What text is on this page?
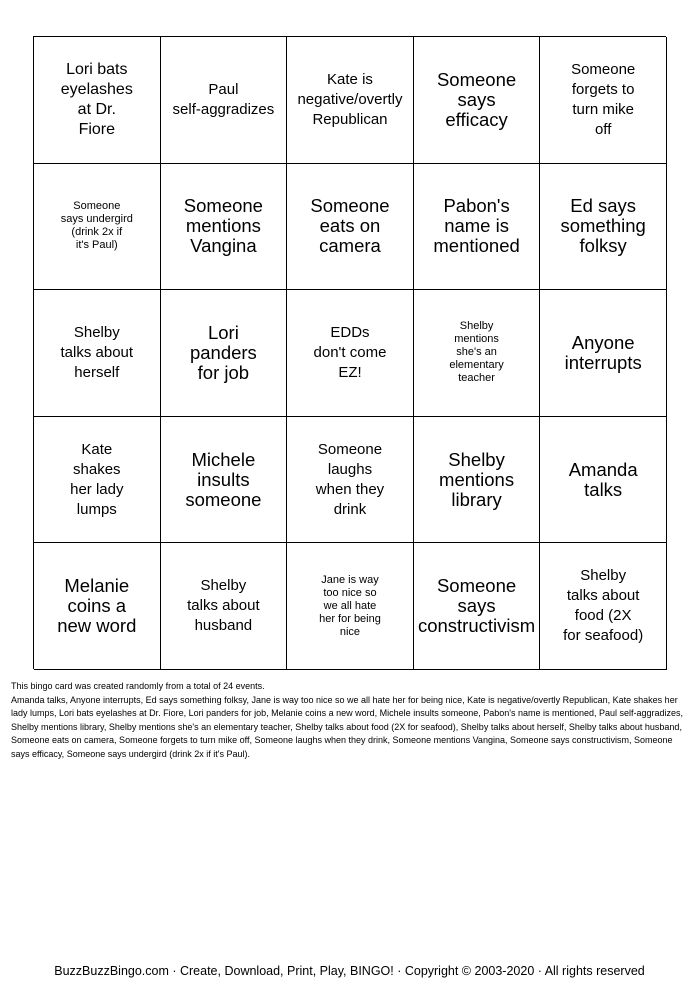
Lori bats
eyelashes
at Dr.
Fiore
Paul
self-aggradizes
Kate is
negative/overtly
Republican
Someone
says
efficacy
Someone
forgets to
turn mike
off
Someone
says undergird
(drink 2x if
it's Paul)
Someone
mentions
Vangina
Someone
eats on
camera
Pabon's
name is
mentioned
Ed says
something
folksy
Shelby
talks about
herself
Lori
panders
for job
EDDs
don't come
EZ!
Shelby
mentions
she's an
elementary
teacher
Anyone
interrupts
Kate
shakes
her lady
lumps
Michele
insults
someone
Someone
laughs
when they
drink
Shelby
mentions
library
Amanda
talks
Melanie
coins a
new word
Shelby
talks about
husband
Jane is way
too nice so
we all hate
her for being
nice
Someone
says
constructivism
Shelby
talks about
food (2X
for seafood)

This bingo card was created randomly from a total of 24 events.

Amanda talks, Anyone interrupts, Ed says something folksy, Jane is way too nice so we all hate her for being nice, Kate is negative/overtly Republican, Kate shakes her lady lumps, Lori bats eyelashes at Dr. Fiore, Lori panders for job, Melanie coins a new word, Michele insults someone, Pabon's name is mentioned, Paul self-aggradizes, Shelby mentions library, Shelby mentions she's an elementary teacher, Shelby talks about food (2X for seafood), Shelby talks about herself, Shelby talks about husband, Someone eats on camera, Someone forgets to turn mike off, Someone laughs when they drink, Someone mentions Vangina, Someone says constructivism, Someone says efficacy, Someone says undergird (drink 2x if it's Paul).

BuzzBuzzBingo.com · Create, Download, Print, Play, BINGO! · Copyright © 2003-2020 · All rights reserved
